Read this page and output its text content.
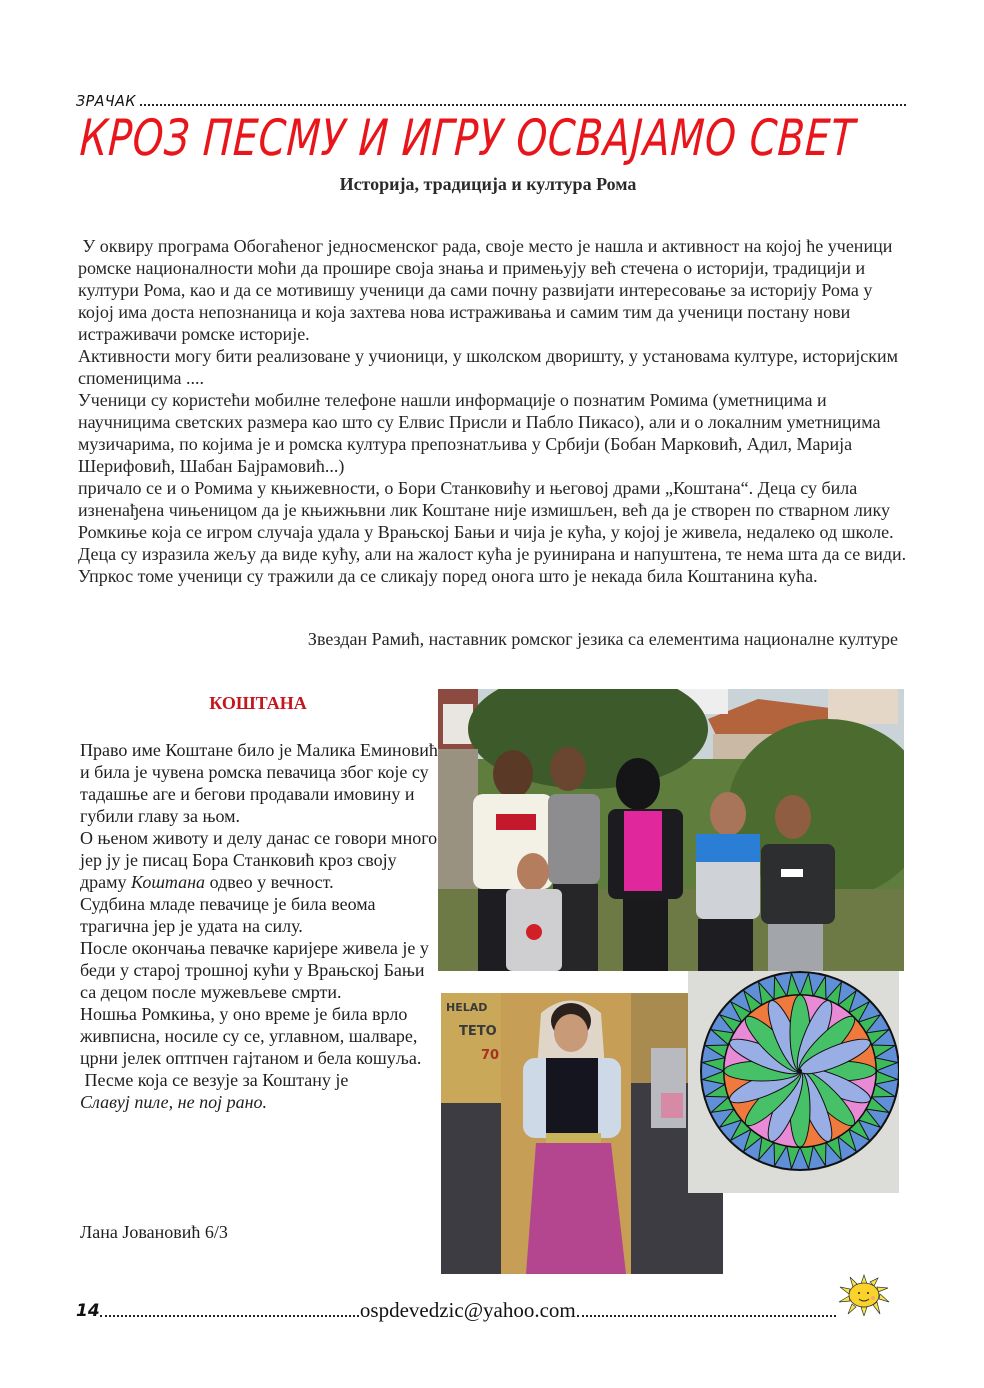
ЗРАЧАК
КРОЗ ПЕСМУ И ИГРУ ОСВАЈАМО СВЕТ
Историја, традиција и култура Рома

У оквиру програма Обогаћеног једносменског рада, своје место је нашла и активност на којој ће ученици ромске националности моћи да прошире своја знања и примењују већ стечена о историји, традицији и култури Рома, као и да се мотивишу ученици да сами почну развијати интересовање за историју Рома у којој има доста непознаница и која захтева нова истраживања и самим тим да ученици постану нови истраживачи ромске историје.

Активности могу бити реализоване у учионици, у школском дворишту, у установама културе, историјским споменицима ....

Ученици су користећи мобилне телефоне нашли информације о познатим Ромима (уметницима и научницима светских размера као што су Елвис Присли и Пабло Пикасо), али и о локалним уметницима музичарима, по којима је и ромска култура препознатљива у Србији (Бобан Марковић, Адил, Марија Шерифовић, Шабан Бајрамовић...)

причало се и о Ромима у књижевности, о Бори Станковићу и његовој драми „Коштана“. Деца су била изненађена чињеницом да је књижњвни лик Коштане није измишљен, већ да је створен по стварном лику Ромкиње која се игром случаја удала у Врањској Бањи и чија је кућа, у којој је живела, недалеко од школе. Деца су изразила жељу да виде кућу, али на жалост кућа је руинирана и напуштена, те нема шта да се види.

Упркос томе ученици су тражили да се сликају поред онога што је некада била Коштанина кућа.

Звездан Рамић, наставник ромског језика са елементима националне културе

КОШТАНА

Право име Коштане било је Малика Еминовић и била је чувена ромска певачица због које су тадашње аге и бегови продавали имовину и губили главу за њом.

О њеном животу и делу данас се говори много јер ју је писац Бора Станковић кроз своју драму Коштана одвео у вечност.

Судбина младе певачице је била веома трагична јер је удата на силу.

После окончања певачке каријере живела је у беди у старој трошној кући у Врањској Бањи са децом после мужевљеве смрти.

Ношња Ромкиња, у оно време је била врло живписна, носиле су се, углавном, шалваре, црни јелек оптпчен гајтаном и бела кошуља.

Песме која се везује за Коштану је

Славуј пиле, не пој рано.

Лана Јовановић 6/3

HELAD
TETO
70
14	ospdevedzic@yahoo.com
